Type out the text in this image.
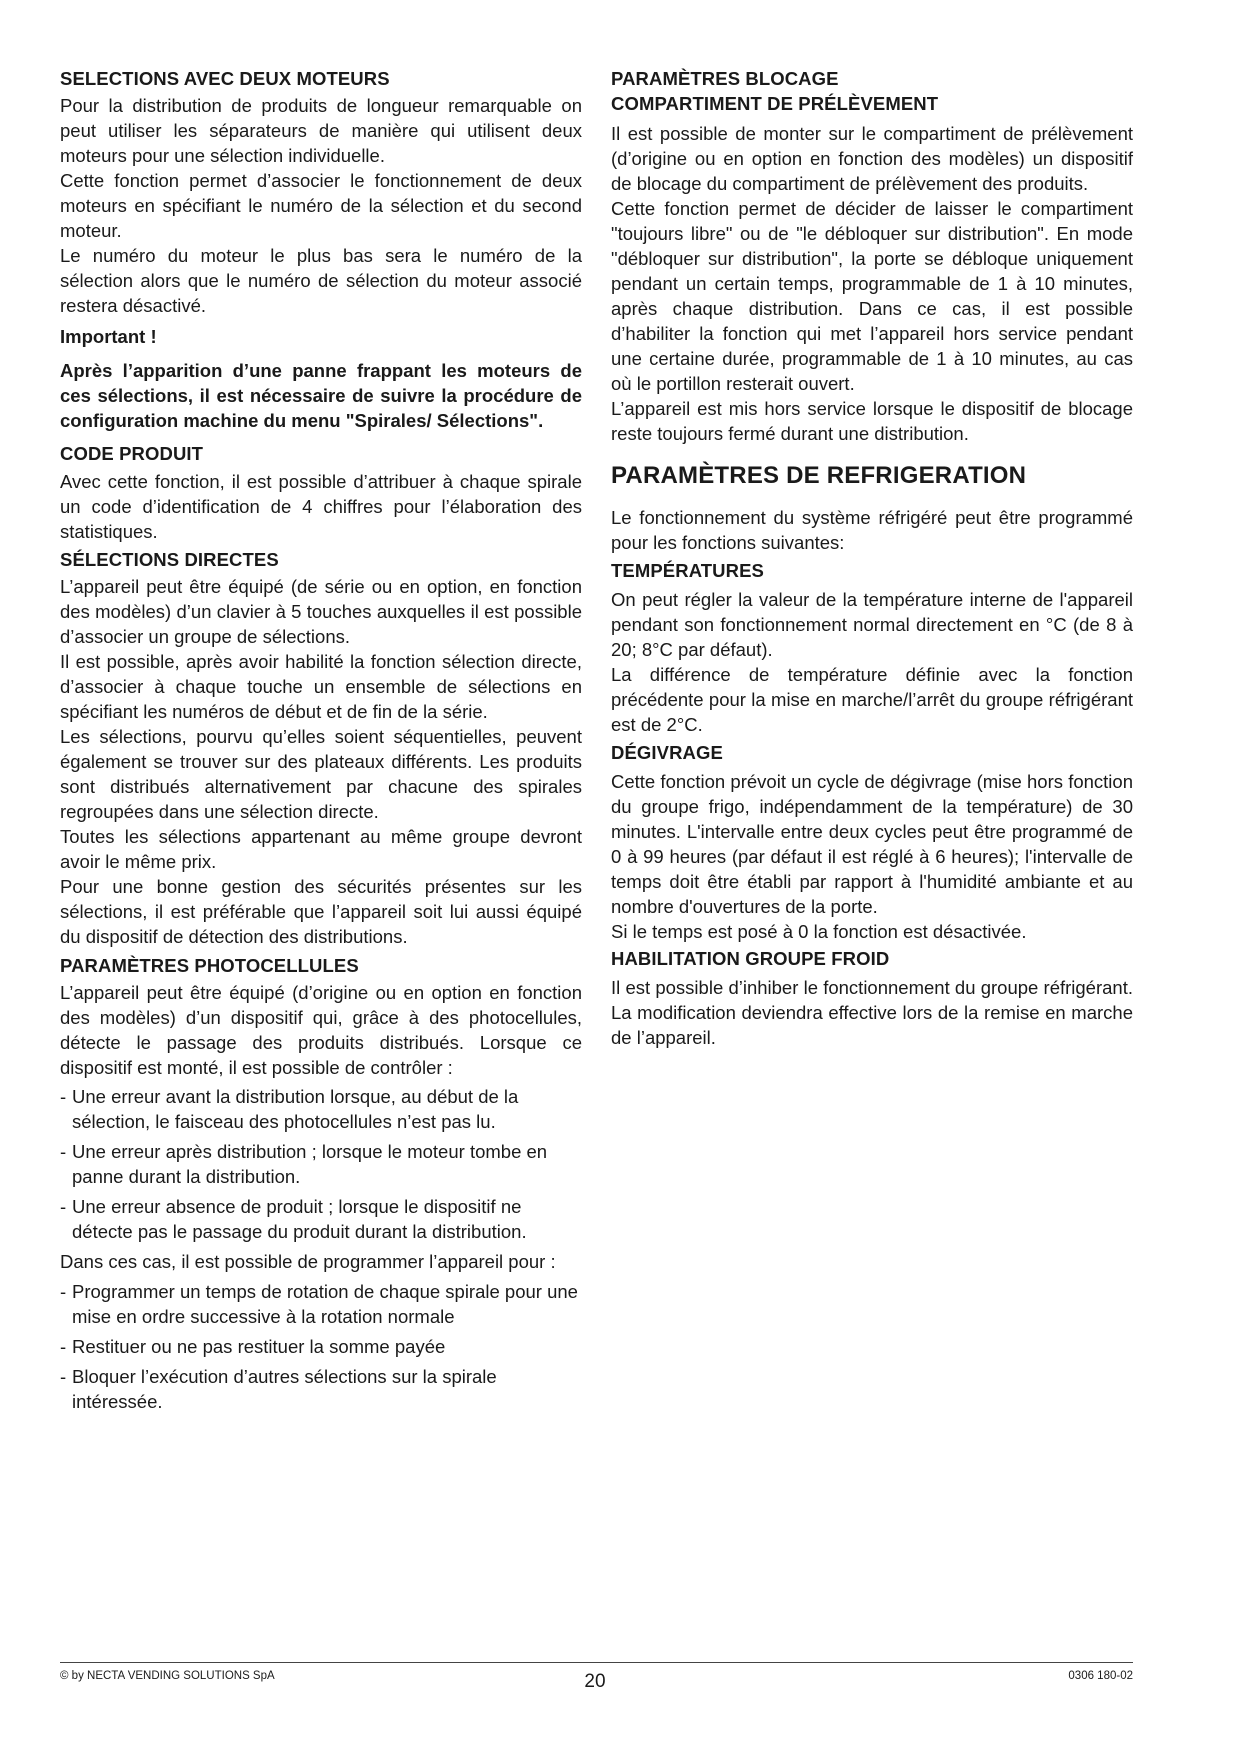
SELECTIONS AVEC DEUX MOTEURS

Pour la distribution de produits de longueur remarquable on peut utiliser les séparateurs de manière qui utilisent deux moteurs pour une sélection individuelle.

Cette fonction permet d’associer le fonctionnement de deux moteurs en spécifiant le numéro de la sélection et du second moteur.

Le numéro du moteur le plus bas sera le numéro de la sélection alors que le numéro de sélection du moteur associé restera désactivé.

Important !

Après l’apparition d’une panne frappant les moteurs de ces sélections, il est nécessaire de suivre la procédure de configuration machine du menu "Spirales/ Sélections".

CODE PRODUIT

Avec cette fonction, il est possible d’attribuer à chaque spirale un code d’identification de 4 chiffres pour l’élaboration des statistiques.

SÉLECTIONS DIRECTES

L’appareil peut être équipé (de série ou en option, en fonction des modèles) d’un clavier à 5 touches auxquelles il est possible d’associer un groupe de sélections.

Il est possible, après avoir habilité la fonction sélection directe, d’associer à chaque touche un ensemble de sélections en spécifiant les numéros de début et de fin de la série.

Les sélections, pourvu qu’elles soient séquentielles, peuvent également se trouver sur des plateaux différents. Les produits sont distribués alternativement par chacune des spirales regroupées dans une sélection directe.

Toutes les sélections appartenant au même groupe devront avoir le même prix.

Pour une bonne gestion des sécurités présentes sur les sélections, il est préférable que l’appareil soit lui aussi équipé du dispositif de détection des distributions.

PARAMÈTRES PHOTOCELLULES

L’appareil peut être équipé (d’origine ou en option en fonction des modèles) d’un dispositif qui, grâce à des photocellules, détecte le passage des produits distribués. Lorsque ce dispositif est monté, il est possible de contrôler :

- Une erreur avant la distribution lorsque, au début de la sélection, le faisceau des photocellules n’est pas lu.
- Une erreur après distribution ; lorsque le moteur tombe en panne durant la distribution.
- Une erreur absence de produit ; lorsque le dispositif ne détecte pas le passage du produit durant la distribution.

Dans ces cas, il est possible de programmer l’appareil pour :

- Programmer un temps de rotation de chaque spirale pour une mise en ordre successive à la rotation normale
- Restituer ou ne pas restituer la somme payée
- Bloquer l’exécution d’autres sélections sur la spirale intéressée.

PARAMÈTRES BLOCAGE

COMPARTIMENT DE PRÉLÈVEMENT

Il est possible de monter sur le compartiment de prélèvement (d’origine ou en option en fonction des modèles) un dispositif de blocage du compartiment de prélèvement des produits.

Cette fonction permet de décider de laisser le compartiment "toujours libre" ou de "le débloquer sur distribution". En mode "débloquer sur distribution", la porte se débloque uniquement pendant un certain temps, programmable de 1 à 10 minutes, après chaque distribution. Dans ce cas, il est possible d’habiliter la fonction qui met l’appareil hors service pendant une certaine durée, programmable de 1 à 10 minutes, au cas où le portillon resterait ouvert.

L’appareil est mis hors service lorsque le dispositif de blocage reste toujours fermé durant une distribution.

PARAMÈTRES DE REFRIGERATION

Le fonctionnement du système réfrigéré peut être programmé pour les fonctions suivantes:

TEMPÉRATURES

On peut régler la valeur de la température interne de l'appareil pendant son fonctionnement normal directement en °C (de 8 à 20; 8°C par défaut).

La différence de température définie avec la fonction précédente pour la mise en marche/l’arrêt du groupe réfrigérant est de 2°C.

DÉGIVRAGE

Cette fonction prévoit un cycle de dégivrage (mise hors fonction du groupe frigo, indépendamment de la température) de 30 minutes. L'intervalle entre deux cycles peut être programmé de 0 à 99 heures (par défaut il est réglé à 6 heures); l'intervalle de temps doit être établi par rapport à l'humidité ambiante et au nombre d'ouvertures de la porte.

Si le temps est posé à 0 la fonction est désactivée.

HABILITATION GROUPE FROID

Il est possible d’inhiber le fonctionnement du groupe réfrigérant. La modification deviendra effective lors de la remise en marche de l’appareil.

© by NECTA VENDING SOLUTIONS SpA	20	0306 180-02
